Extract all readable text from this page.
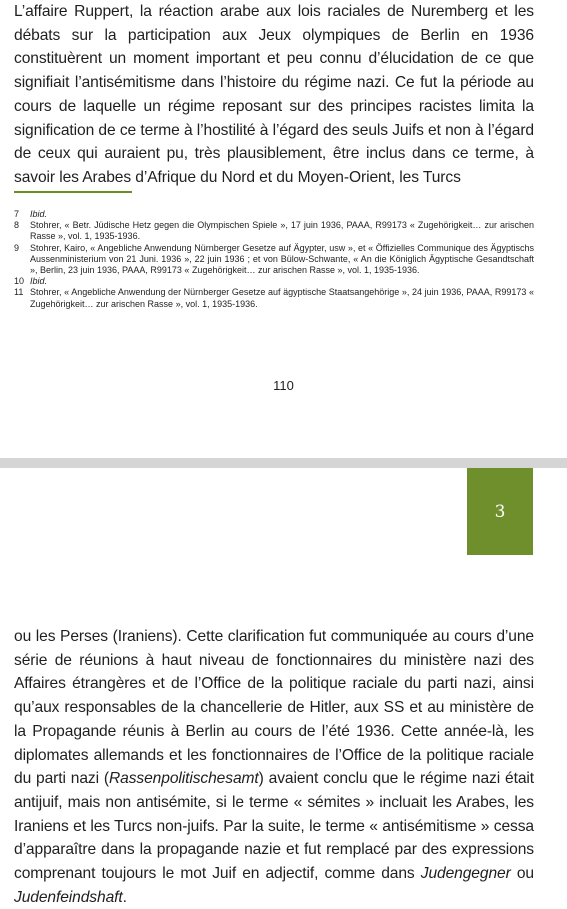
L’affaire Ruppert, la réaction arabe aux lois raciales de Nuremberg et les débats sur la participation aux Jeux olympiques de Berlin en 1936 constituèrent un moment important et peu connu d’élucidation de ce que signifiait l’antisémitisme dans l’histoire du régime nazi. Ce fut la période au cours de laquelle un régime reposant sur des principes racistes limita la signification de ce terme à l’hostilité à l’égard des seuls Juifs et non à l’égard de ceux qui auraient pu, très plausiblement, être inclus dans ce terme, à savoir les Arabes d’Afrique du Nord et du Moyen-Orient, les Turcs

7	Ibid.
8	Stohrer, « Betr. Jüdische Hetz gegen die Olympischen Spiele », 17 juin 1936, PAAA, R99173 « Zugehörigkeit… zur arischen Rasse », vol. 1, 1935-1936.
9	Stohrer, Kairo, « Angebliche Anwendung Nürnberger Gesetze auf Ägypter, usw », et « Öffizielles Communique des Ägyptischs Aussenministerium von 21 Juni. 1936 », 22 juin 1936 ; et von Bülow-Schwante, « An die Königlich Ägyptische Gesandtschaft », Berlin, 23 juin 1936, PAAA, R99173 « Zugehörigkeit… zur arischen Rasse », vol. 1, 1935-1936.
10 Ibid.
11 Stohrer, « Angebliche Anwendung der Nürnberger Gesetze auf ägyptische Staatsangehörige », 24 juin 1936, PAAA, R99173 « Zugehörigkeit… zur arischen Rasse », vol. 1, 1935-1936.
110
3

ou les Perses (Iraniens). Cette clarification fut communiquée au cours d’une série de réunions à haut niveau de fonctionnaires du ministère nazi des Affaires étrangères et de l’Office de la politique raciale du parti nazi, ainsi qu’aux responsables de la chancellerie de Hitler, aux SS et au ministère de la Propagande réunis à Berlin au cours de l’été 1936. Cette année-là, les diplomates allemands et les fonctionnaires de l’Office de la politique raciale du parti nazi (Rassenpolitischesamt) avaient conclu que le régime nazi était antijuif, mais non antisémite, si le terme « sémites » incluait les Arabes, les Iraniens et les Turcs non-juifs. Par la suite, le terme « antisémitisme » cessa d’apparaître dans la propagande nazie et fut remplacé par des expressions comprenant toujours le mot Juif en adjectif, comme dans Judengegner ou Judenfeindshaft.
